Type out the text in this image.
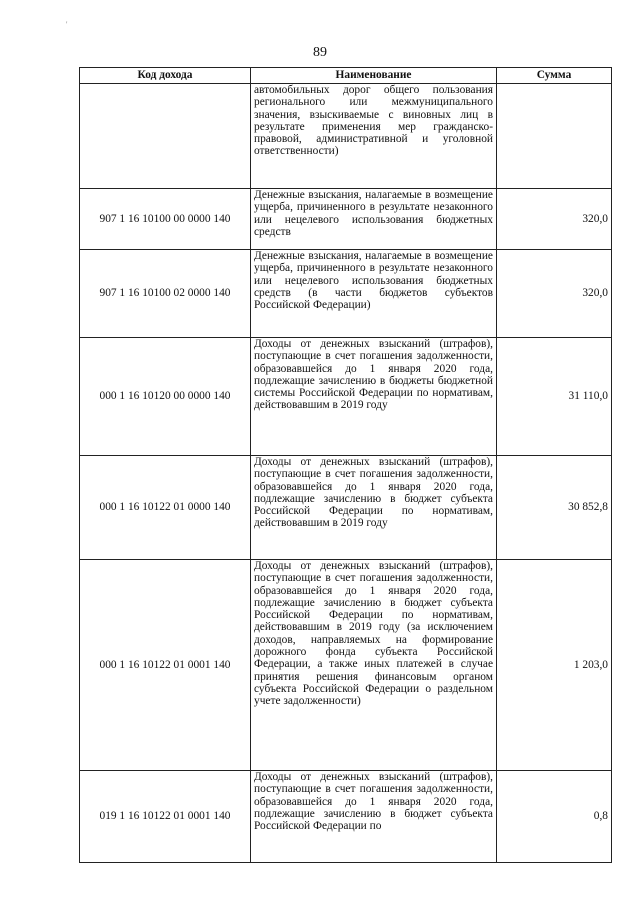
'
89
Код дохода	Наименование	Сумма
	автомобильных дорог общего пользования регионального или межмуниципального значения, взыскиваемые с виновных лиц в результате применения мер гражданско-правовой, административной и уголовной ответственности)	
907 1 16 10100 00 0000 140	Денежные взыскания, налагаемые в возмещение ущерба, причиненного в результате незаконного или нецелевого использования бюджетных средств	320,0
907 1 16 10100 02 0000 140	Денежные взыскания, налагаемые в возмещение ущерба, причиненного в результате незаконного или нецелевого использования бюджетных средств (в части бюджетов субъектов Российской Федерации)	320,0
000 1 16 10120 00 0000 140	Доходы от денежных взысканий (штрафов), поступающие в счет погашения задолженности, образовавшейся до 1 января 2020 года, подлежащие зачислению в бюджеты бюджетной системы Российской Федерации по нормативам, действовавшим в 2019 году	31 110,0
000 1 16 10122 01 0000 140	Доходы от денежных взысканий (штрафов), поступающие в счет погашения задолженности, образовавшейся до 1 января 2020 года, подлежащие зачислению в бюджет субъекта Российской Федерации по нормативам, действовавшим в 2019 году	30 852,8
000 1 16 10122 01 0001 140	Доходы от денежных взысканий (штрафов), поступающие в счет погашения задолженности, образовавшейся до 1 января 2020 года, подлежащие зачислению в бюджет субъекта Российской Федерации по нормативам, действовавшим в 2019 году (за исключением доходов, направляемых на формирование дорожного фонда субъекта Российской Федерации, а также иных платежей в случае принятия решения финансовым органом субъекта Российской Федерации о раздельном учете задолженности)	1 203,0
019 1 16 10122 01 0001 140	Доходы от денежных взысканий (штрафов), поступающие в счет погашения задолженности, образовавшейся до 1 января 2020 года, подлежащие зачислению в бюджет субъекта Российской Федерации по	0,8
